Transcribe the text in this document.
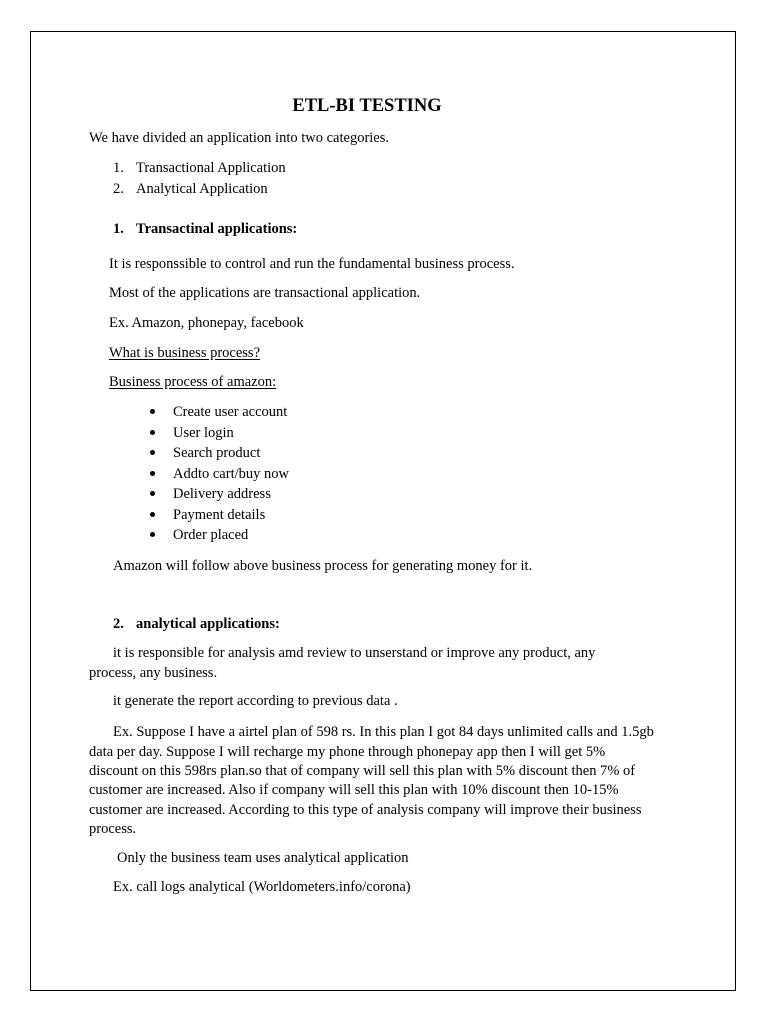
ETL-BI TESTING
We have divided an application into two categories.
1. Transactional Application
2. Analytical Application
1. Transactinal applications:
It is responssible to control and run the fundamental business process.
Most of the applications are transactional application.
Ex. Amazon, phonepay, facebook
What is business process?
Business process of amazon:
Create user account
User login
Search product
Addto cart/buy now
Delivery address
Payment details
Order placed
Amazon will follow above business process for generating money for it.
2. analytical applications:
it is responsible for analysis amd review to unserstand or improve any product, any
process, any business.
it generate the report according to previous data .
Ex. Suppose I have a airtel plan of 598 rs. In this plan I got 84 days unlimited calls and 1.5gb
data per day. Suppose I will recharge my phone through phonepay app then I will get 5%
discount on this 598rs plan.so that of company will sell this plan with 5% discount then 7% of
customer are increased. Also if company will sell this plan with 10% discount then 10-15%
customer are increased. According to this type of analysis company will improve their business
process.
Only the business team uses analytical application
Ex. call logs analytical (Worldometers.info/corona)
